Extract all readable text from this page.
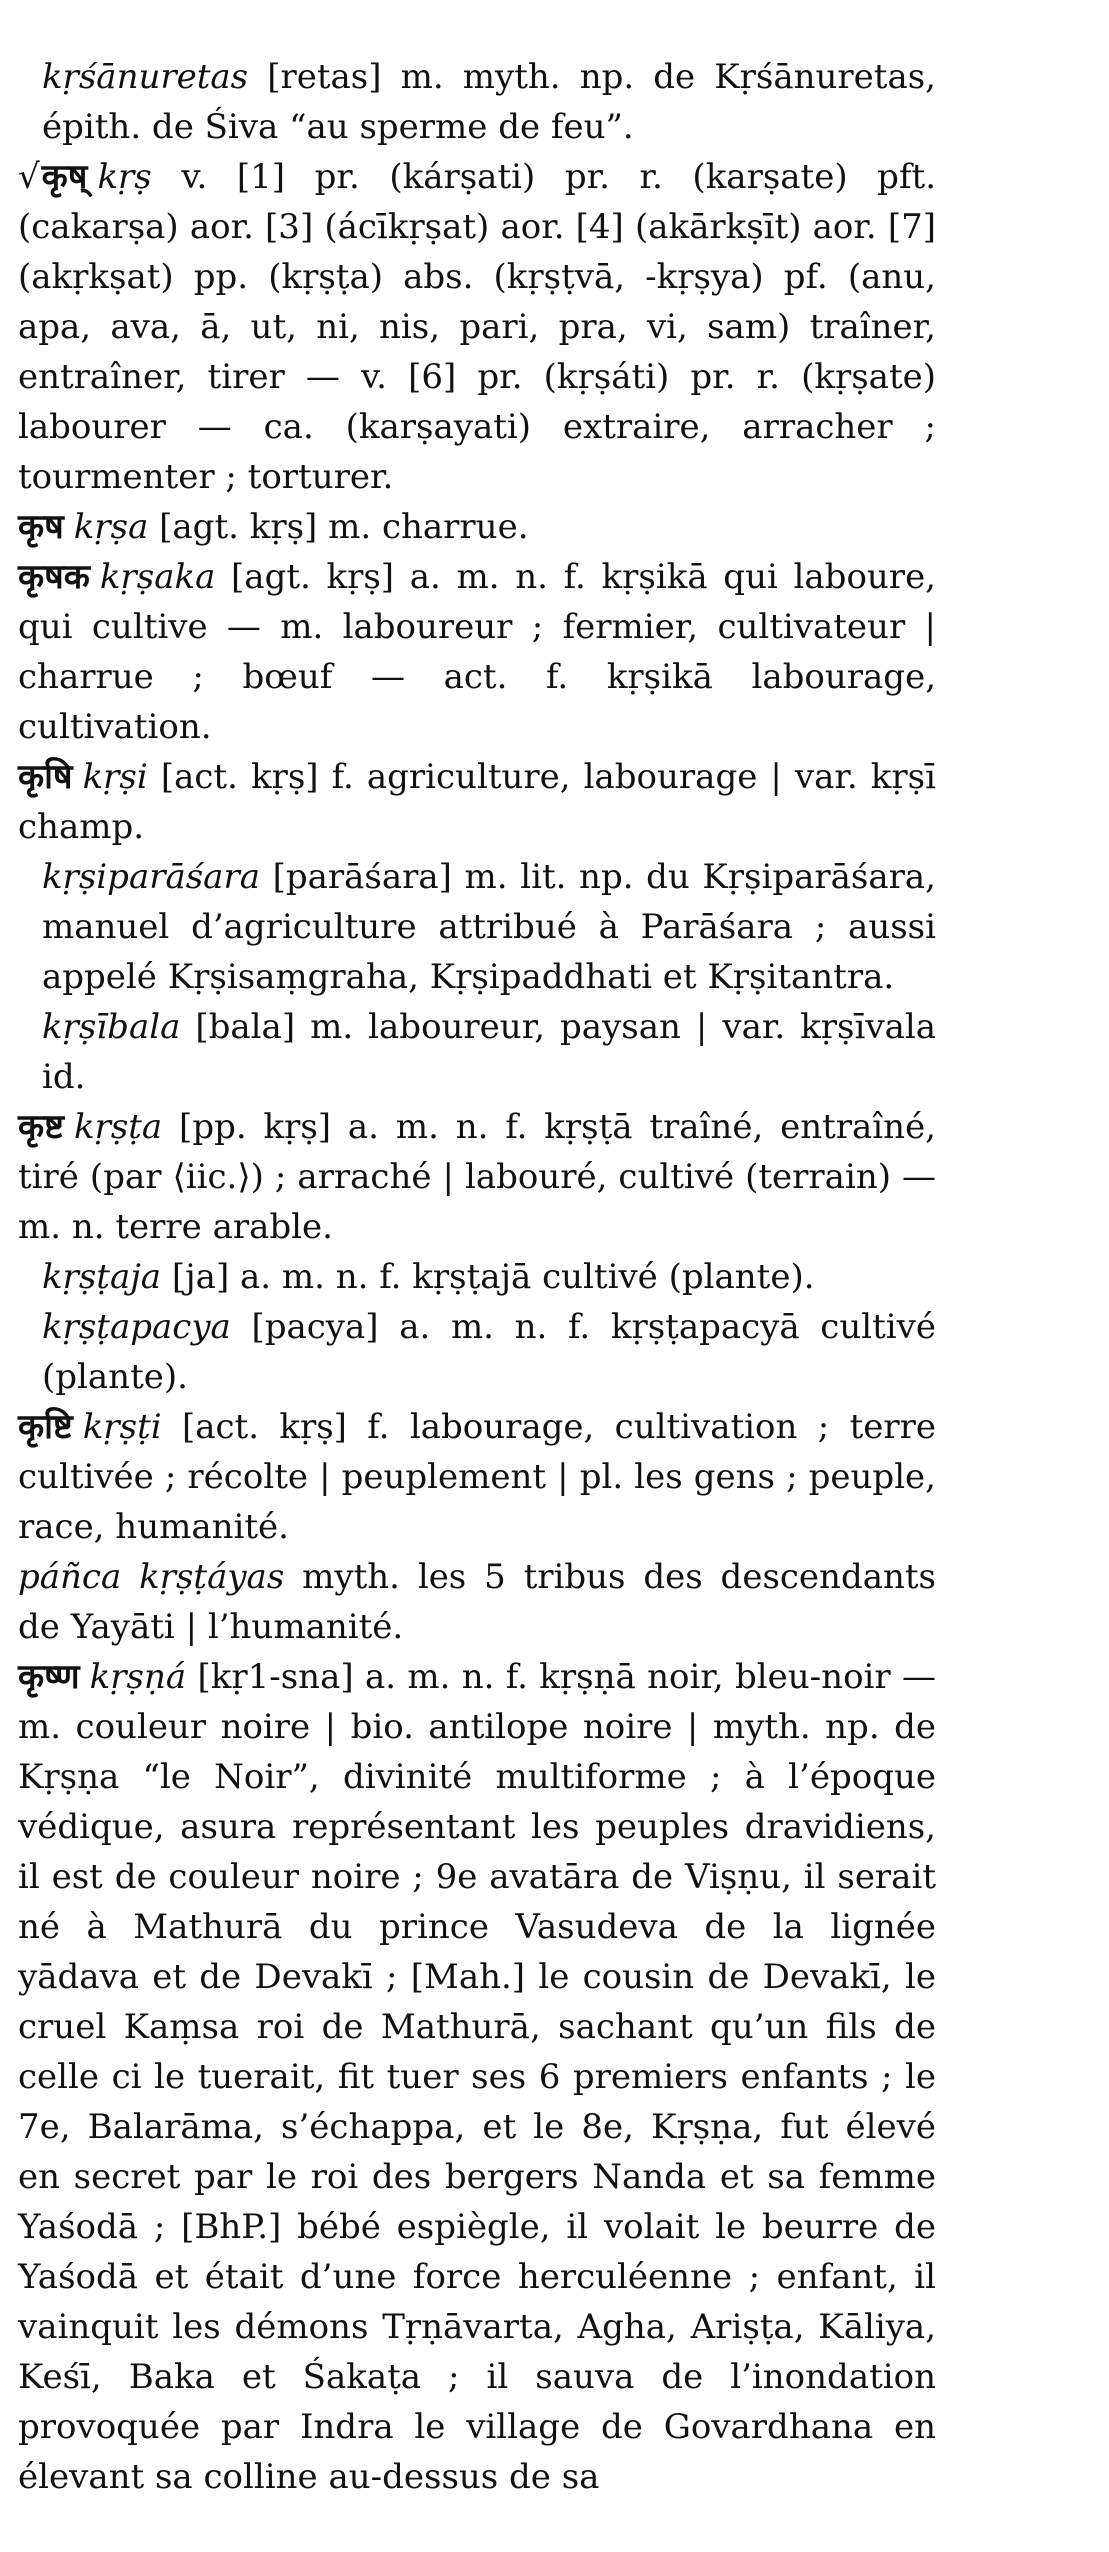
kṛśānuretas [retas] m. myth. np. de Kṛśānuretas, épith. de Śiva “au sperme de feu”.

√कृष् kṛṣ v. [1] pr. (kárṣati) pr. r. (karṣate) pft. (cakarṣa) aor. [3] (ácīkṛṣat) aor. [4] (akārkṣīt) aor. [7] (akṛkṣat) pp. (kṛṣṭa) abs. (kṛṣṭvā, -kṛṣya) pf. (anu, apa, ava, ā, ut, ni, nis, pari, pra, vi, sam) traîner, entraîner, tirer — v. [6] pr. (kṛṣáti) pr. r. (kṛṣate) labourer — ca. (karṣayati) extraire, arracher ; tourmenter ; torturer.

कृष kṛṣa [agt. kṛṣ] m. charrue.

कृषक kṛṣaka [agt. kṛṣ] a. m. n. f. kṛṣikā qui laboure, qui cultive — m. laboureur ; fermier, cultivateur | charrue ; bœuf — act. f. kṛṣikā labourage, cultivation.

कृषि kṛṣi [act. kṛṣ] f. agriculture, labourage | var. kṛṣī champ.

kṛṣiparāśara [parāśara] m. lit. np. du Kṛṣiparāśara, manuel d’agriculture attribué à Parāśara ; aussi appelé Kṛṣisaṃgraha, Kṛṣipaddhati et Kṛṣitantra.

kṛṣībala [bala] m. laboureur, paysan | var. kṛṣīvala id.

कृष्ट kṛṣṭa [pp. kṛṣ] a. m. n. f. kṛṣṭā traîné, entraîné, tiré (par ⟨iic.⟩) ; arraché | labouré, cultivé (terrain) — m. n. terre arable.

kṛṣṭaja [ja] a. m. n. f. kṛṣṭajā cultivé (plante).

kṛṣṭapacya [pacya] a. m. n. f. kṛṣṭapacyā cultivé (plante).

कृष्टि kṛṣṭi [act. kṛṣ] f. labourage, cultivation ; terre cultivée ; récolte | peuplement | pl. les gens ; peuple, race, humanité.

páñca kṛṣṭáyas myth. les 5 tribus des descendants de Yayāti | l’humanité.

कृष्ण kṛṣṇá [kṛ1-sna] a. m. n. f. kṛṣṇā noir, bleu-noir — m. couleur noire | bio. antilope noire | myth. np. de Kṛṣṇa “le Noir”, divinité multiforme ; à l’époque védique, asura représentant les peuples dravidiens, il est de couleur noire ; 9e avatāra de Viṣṇu, il serait né à Mathurā du prince Vasudeva de la lignée yādava et de Devakī ; [Mah.] le cousin de Devakī, le cruel Kaṃsa roi de Mathurā, sachant qu’un fils de celle ci le tuerait, fit tuer ses 6 premiers enfants ; le 7e, Balarāma, s’échappa, et le 8e, Kṛṣṇa, fut élevé en secret par le roi des bergers Nanda et sa femme Yaśodā ; [BhP.] bébé espiègle, il volait le beurre de Yaśodā et était d’une force herculéenne ; enfant, il vainquit les démons Tṛṇāvarta, Agha, Ariṣṭa, Kāliya, Keśī, Baka et Śakaṭa ; il sauva de l’inondation provoquée par Indra le village de Govardhana en élevant sa colline au-dessus de sa
